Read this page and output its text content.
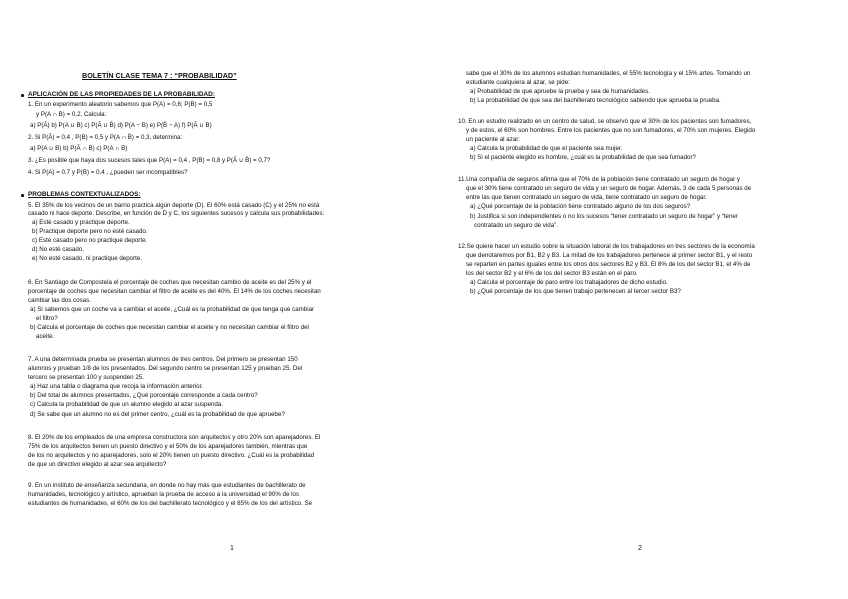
BOLETÍN CLASE TEMA 7 : “PROBABILIDAD”
APLICACIÓN DE LAS PROPIEDADES DE LA PROBABILIDAD:
1. En un experimento aleatorio sabemos que P(A) = 0,6; P(B) = 0,5
y P(A ∩ B) = 0,2. Calcula:
a) P(Ā) b) P(A ∪ B) c) P(Ā ∪ B̄) d) P(A − B) e) P(B̄ − A) f) P(Ā ∪ B)
2. Si P(Ā) = 0,4 , P(B) = 0,5 y P(A ∩ B̄) = 0,3, determina:
a) P(A ∪ B) b) P(Ā ∩ B) c) P(A ∩ B)
3. ¿Es posible que haya dos sucesos tales que P(A) = 0,4 , P(B) = 0,8 y P(Ā ∪ B̄) = 0,7?
4. Si P(A) = 0,7 y P(B) = 0,4 , ¿pueden ser incompatibles?
PROBLEMAS CONTEXTUALIZADOS:
5. El 35% de los vecinos de un barrio practica algún deporte (D). El 60% está casado (C) y el 25% no está
casado ni hace deporte. Describe, en función de D y C, los siguientes sucesos y calcula sus probabilidades:
a) Esté casado y practique deporte.
b) Practique deporte pero no esté casado.
c) Esté casado pero no practique deporte.
d) No esté casado.
e) No esté casado, ni practique deporte.
6. En Santiago de Compostela el porcentaje de coches que necesitan cambio de aceite es del 25% y el
porcentaje de coches que necesitan cambiar el filtro de aceite es del 40%. El 14% de los coches necesitan
cambiar las dos cosas.
a) Si sabemos que un coche va a cambiar el aceite, ¿Cuál es la probabilidad de que tenga que cambiar
el filtro?
b) Calcula el porcentaje de coches que necesitan cambiar el aceite y no necesitan cambiar el filtro del
aceite.
7. A una determinada prueba se presentan alumnos de tres centros. Del primero se presentan 150
alumnos y prueban 1/8 de los presentados. Del segundo centro se presentan 125 y prueban 25. Del
tercero se presentan 100 y suspenden 25.
a) Haz una tabla o diagrama que recoja la información anterior.
b) Del total de alumnos presentados, ¿Qué porcentaje corresponde a cada centro?
c) Calcula la probabilidad de que un alumno elegido al azar suspenda.
d) Se sabe que un alumno no es del primer centro, ¿cuál es la probabilidad de que apruebe?
8. El 20% de los empleados de una empresa constructora son arquitectos y otro 20% son aparejadores. El
75% de los arquitectos tienen un puesto directivo y el 50% de los aparejadores también, mientras que
de los no arquitectos y no aparejadores, solo el 20% tienen un puesto directivo. ¿Cuál es la probabilidad
de que un directivo elegido al azar sea arquitecto?
9. En un instituto de enseñanza secundaria, en donde no hay más que estudiantes de bachillerato de
humanidades, tecnológico y artístico, aprueban la prueba de acceso a la universidad el 90% de los
estudiantes de humanidades, el 60% de los del bachillerato tecnológico y el 85% de los del artístico. Se
1
sabe que el 30% de los alumnos estudian humanidades, el 55% tecnología y el 15% artes. Tomando un
estudiante cualquiera al azar, se pide:
a) Probabilidad de que apruebe la prueba y sea de humanidades.
b) La probabilidad de que sea del bachillerato tecnológico sabiendo que aprueba la prueba.
10. En un estudio realizado en un centro de salud, se observó que el 30% de los pacientes son fumadores,
y de estos, el 60% son hombres. Entre los pacientes que no son fumadores, el 70% son mujeres. Elegido
un paciente al azar:
a) Calcula la probabilidad de que el paciente sea mujer.
b) Si el paciente elegido es hombre, ¿cuál es la probabilidad de que sea fumador?
11.Una compañía de seguros afirma que el 70% de la población tiene contratado un seguro de hogar y
que el 30% tiene contratado un seguro de vida y un seguro de hogar. Además, 3 de cada 5 personas de
entre las que tienen contratado un seguro de vida, tiene contratado un seguro de hogar.
a) ¿Qué porcentaje de la población tiene contratado alguno de los dos seguros?
b) Justifica si son independientes o no los sucesos “tener contratado un seguro de hogar” y “tener
contratado un seguro de vida”.
12.Se quiere hacer un estudio sobre la situación laboral de los trabajadores en tres sectores de la economía
que denotaremos por B1, B2 y B3. La mitad de los trabajadores pertenece al primer sector B1, y el resto
se reparten en partes iguales entre los otros dos sectores B2 y B3. El 8% de los del sector B1, el 4% de
los del sector B2 y el 6% de los del sector B3 están en el paro.
a) Calcula el porcentaje de paro entre los trabajadores de dicho estudio.
b) ¿Qué porcentaje de los que tienen trabajo pertenecen al tercer sector B3?
2
